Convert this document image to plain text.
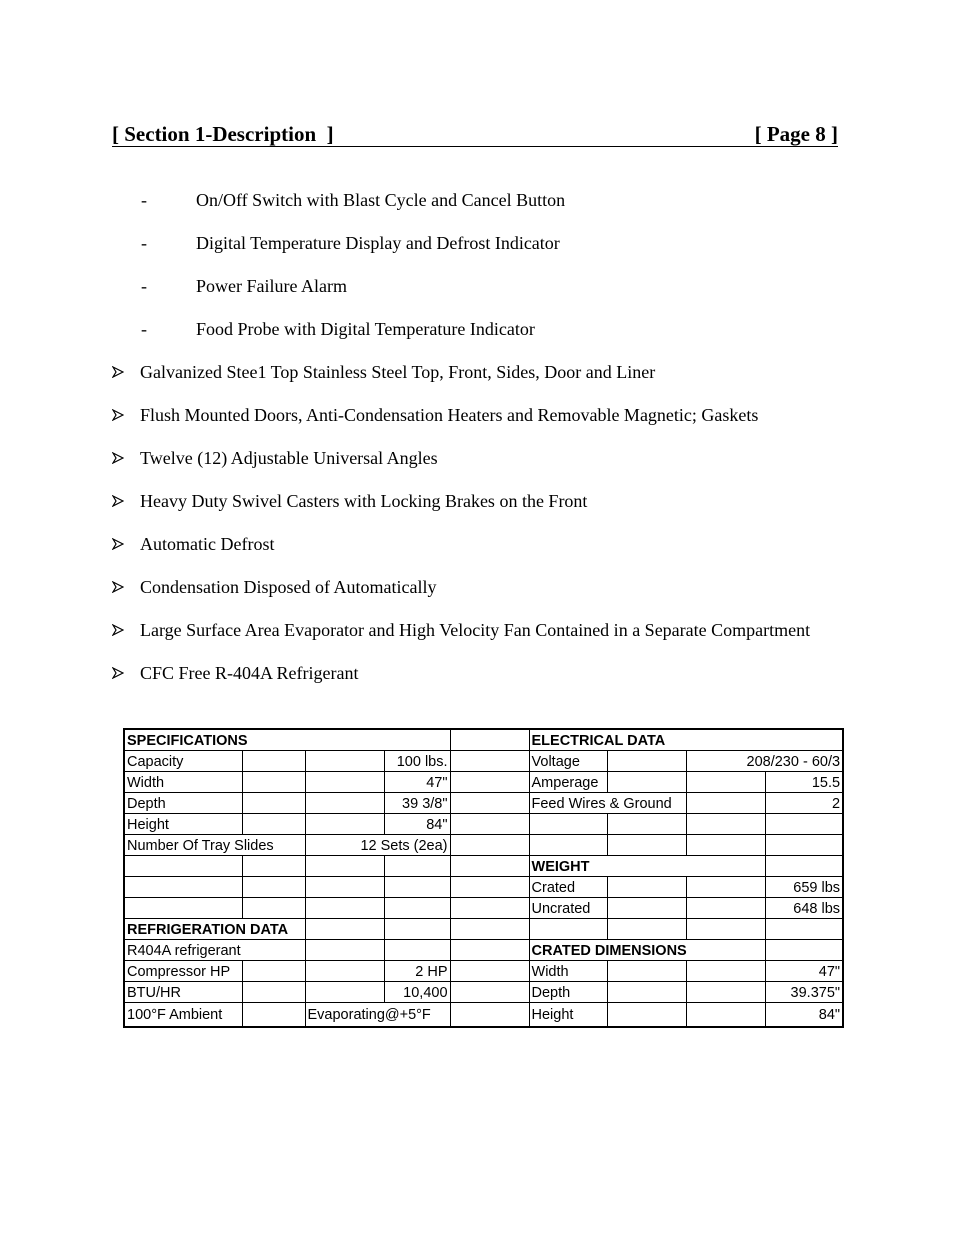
[ Section 1-Description  ]	[ Page 8 ]
-	On/Off Switch with Blast Cycle and Cancel Button
-	Digital Temperature Display and Defrost Indicator
-	Power Failure Alarm
-	Food Probe with Digital Temperature Indicator
Galvanized Stee1 Top Stainless Steel Top, Front, Sides, Door and Liner
Flush Mounted Doors, Anti-Condensation Heaters and Removable Magnetic; Gaskets
Twelve (12) Adjustable Universal Angles
Heavy Duty Swivel Casters with Locking Brakes on the Front
Automatic Defrost
Condensation Disposed of Automatically
Large Surface Area Evaporator and High Velocity Fan Contained in a Separate Compartment
CFC Free R-404A Refrigerant
SPECIFICATIONS					ELECTRICAL DATA			
Capacity			100 lbs.		Voltage		208/230 - 60/3	
Width			47"		Amperage			15.5
Depth			39 3/8"		Feed Wires & Ground			2
Height			84"					
Number Of Tray Slides		12 Sets (2ea)						
					WEIGHT			
					Crated			659 lbs
					Uncrated			648 lbs
REFRIGERATION DATA								
R404A refrigerant					CRATED DIMENSIONS			
Compressor HP			2 HP		Width			47"
BTU/HR			10,400		Depth			39.375"
100°F Ambient		Evaporating@+5°F			Height			84"
